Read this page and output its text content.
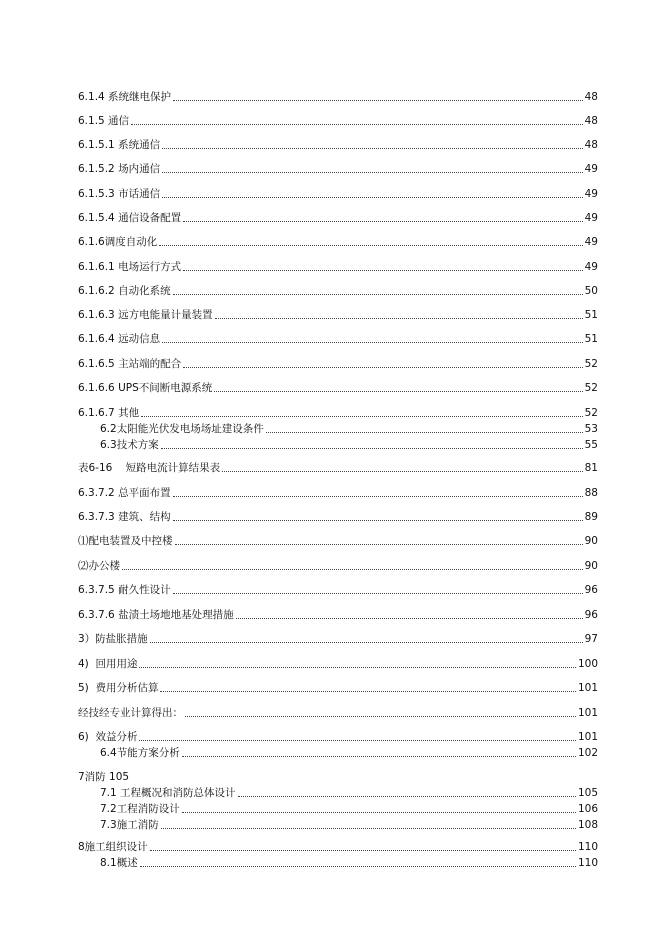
6.1.4 系统继电保护	48
6.1.5 通信	48
6.1.5.1 系统通信	48
6.1.5.2 场内通信	49
6.1.5.3 市话通信	49
6.1.5.4 通信设备配置	49
6.1.6调度自动化	49
6.1.6.1 电场运行方式	49
6.1.6.2 自动化系统	50
6.1.6.3 远方电能量计量装置	51
6.1.6.4 远动信息	51
6.1.6.5 主站端的配合	52
6.1.6.6 UPS不间断电源系统	52
6.1.6.7 其他	52
6.2太阳能光伏发电场场址建设条件	53
6.3技术方案	55
表6-16    短路电流计算结果表	81
6.3.7.2 总平面布置	88
6.3.7.3 建筑、结构	89
⑴配电装置及中控楼	90
⑵办公楼	90
6.3.7.5 耐久性设计	96
6.3.7.6 盐渍土场地地基处理措施	96
3）防盐胀措施	97
4)  回用用途	100
5)  费用分析估算	101
经技经专业计算得出：	101
6)  效益分析	101
6.4节能方案分析	102
7消防 105
7.1 工程概况和消防总体设计	105
7.2工程消防设计	106
7.3施工消防	108
8施工组织设计	110
8.1概述	110
